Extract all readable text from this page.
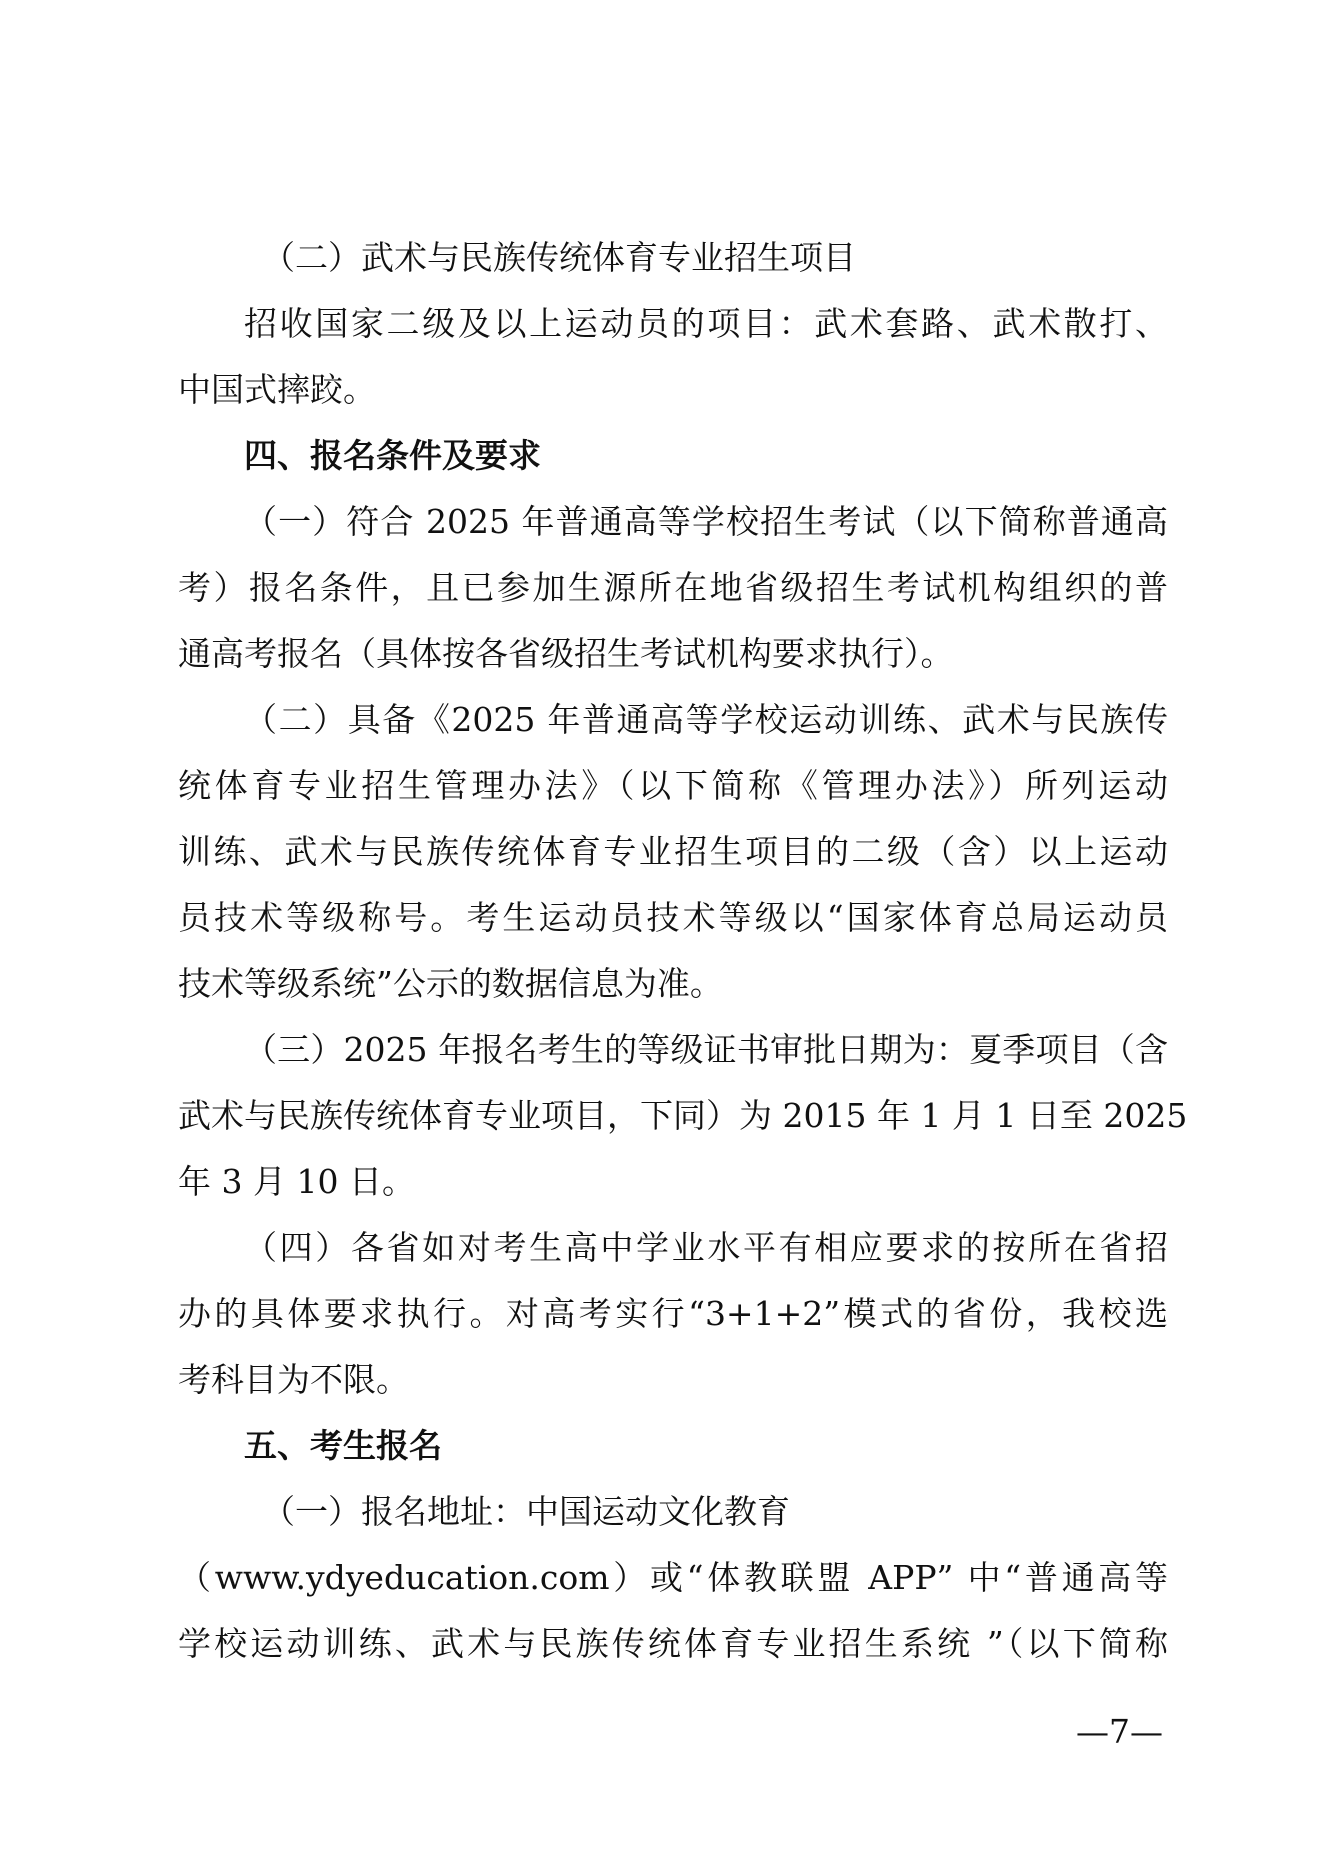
（二）武术与民族传统体育专业招生项目
招收国家二级及以上运动员的项目：武术套路、武术散打、
中国式摔跤。
四、报名条件及要求
（一）符合 2025 年普通高等学校招生考试（以下简称普通高
考）报名条件，且已参加生源所在地省级招生考试机构组织的普
通高考报名（具体按各省级招生考试机构要求执行）。
（二）具备《2025 年普通高等学校运动训练、武术与民族传
统体育专业招生管理办法》（以下简称《管理办法》）所列运动
训练、武术与民族传统体育专业招生项目的二级（含）以上运动
员技术等级称号。考生运动员技术等级以“国家体育总局运动员
技术等级系统”公示的数据信息为准。
（三）2025 年报名考生的等级证书审批日期为：夏季项目（含
武术与民族传统体育专业项目，下同）为 2015 年 1 月 1 日至 2025
年 3 月 10 日。
（四）各省如对考生高中学业水平有相应要求的按所在省招
办的具体要求执行。对高考实行“3+1+2”模式的省份，我校选
考科目为不限。
五、考生报名
（一）报名地址：中国运动文化教育
（www.ydyeducation.com）或“体教联盟 APP” 中“普通高等
学校运动训练、武术与民族传统体育专业招生系统 ”（以下简称
—7—
